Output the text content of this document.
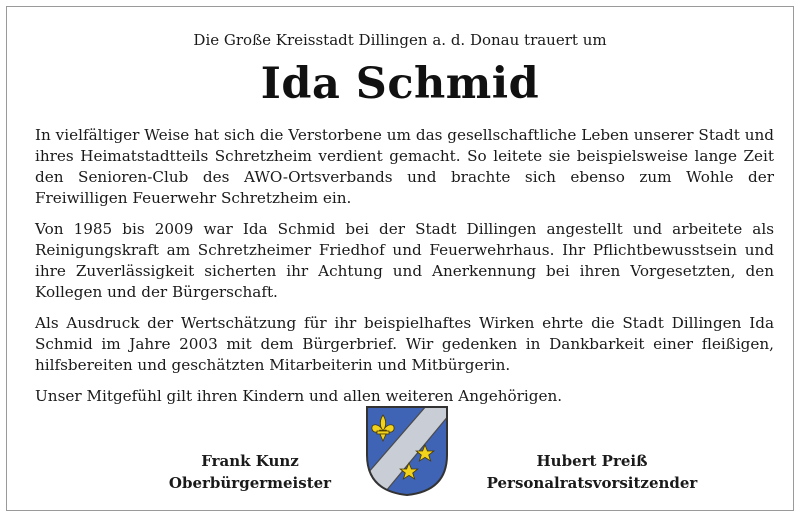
Die Große Kreisstadt Dillingen a. d. Donau trauert um
Ida Schmid

In vielfältiger Weise hat sich die Verstorbene um das gesellschaftliche Leben unserer Stadt und ihres Heimatstadtteils Schretzheim verdient gemacht. So leitete sie beispielsweise lange Zeit den Senioren-Club des AWO-Ortsverbands und brachte sich ebenso zum Wohle der Freiwilligen Feuerwehr Schretzheim ein.

Von 1985 bis 2009 war Ida Schmid bei der Stadt Dillingen angestellt und arbeitete als Reinigungskraft am Schretzheimer Friedhof und Feuerwehrhaus. Ihr Pflichtbewusstsein und ihre Zuverlässigkeit sicherten ihr Achtung und Anerkennung bei ihren Vorgesetzten, den Kollegen und der Bürgerschaft.

Als Ausdruck der Wertschätzung für ihr beispielhaftes Wirken ehrte die Stadt Dillingen Ida Schmid im Jahre 2003 mit dem Bürgerbrief. Wir gedenken in Dankbarkeit einer fleißigen, hilfsbereiten und geschätzten Mitarbeiterin und Mitbürgerin.

Unser Mitgefühl gilt ihren Kindern und allen weiteren Angehörigen.

Frank Kunz
Oberbürgermeister
Hubert Preiß
Personalratsvorsitzender
